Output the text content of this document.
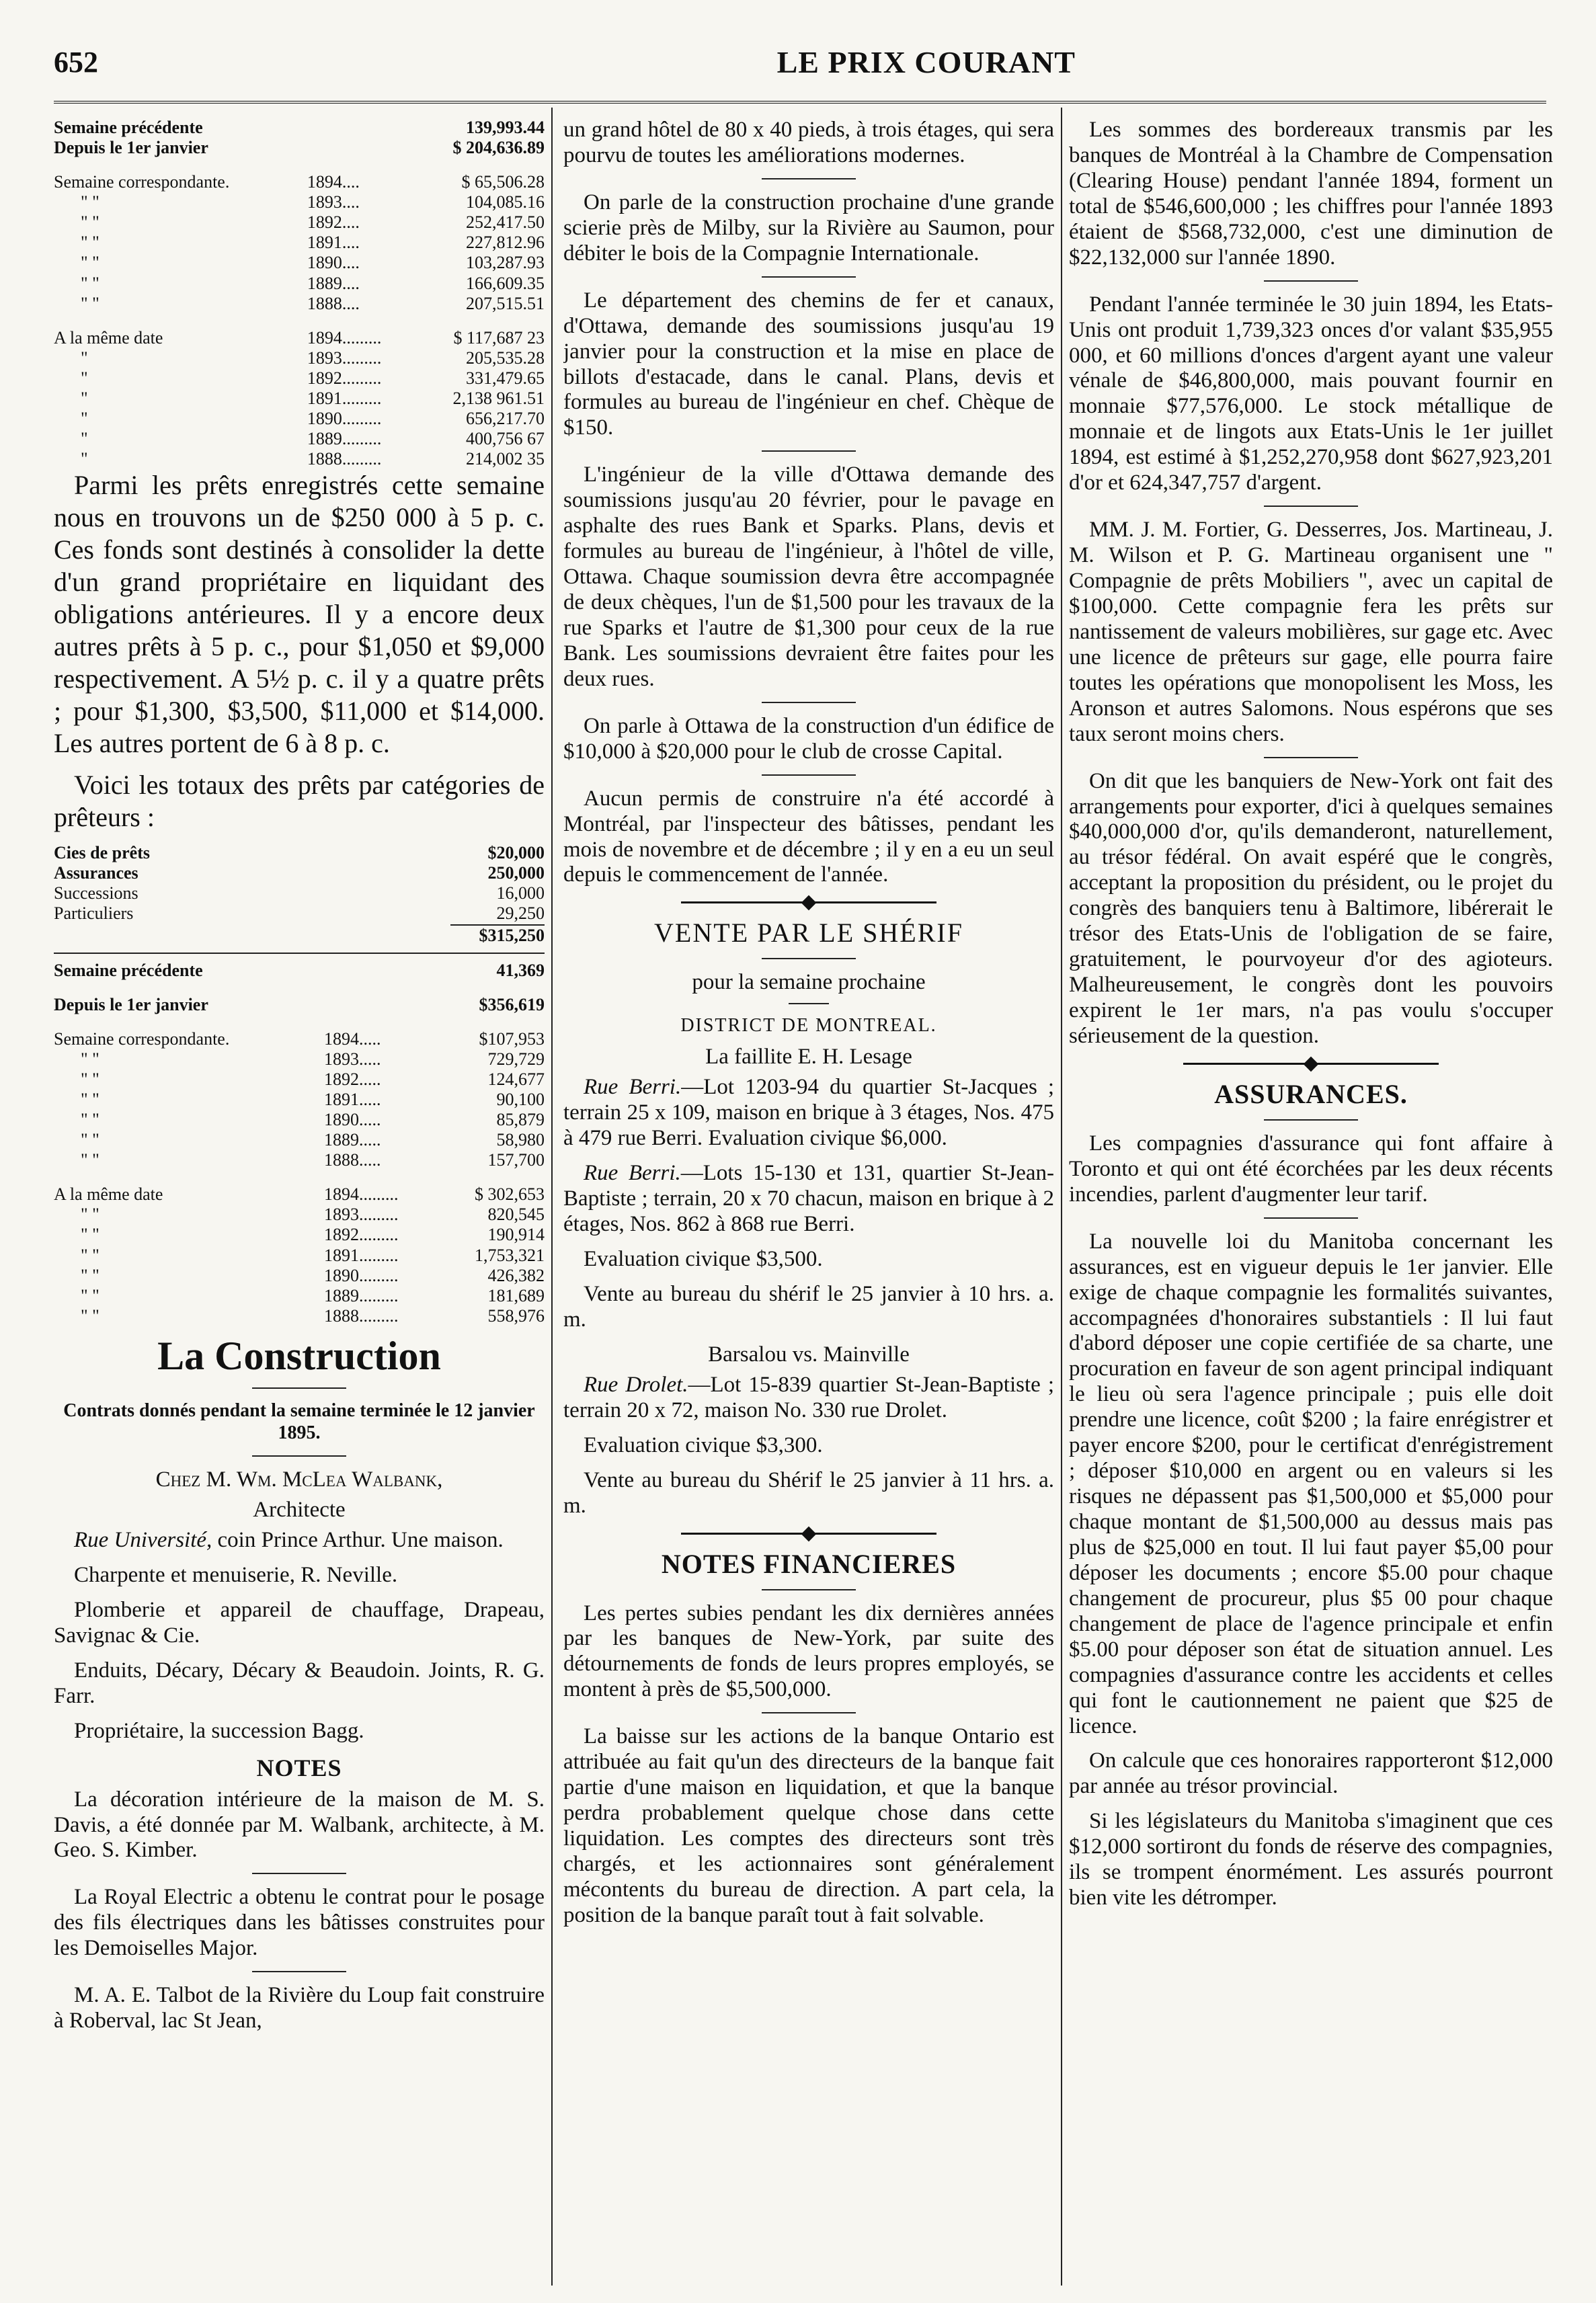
652	LE PRIX COURANT
Semaine précédente		139,993.44
Depuis le 1er janvier		$ 204,636.89
Semaine correspondante.	1894....	$ 65,506.28
" "	1893....	104,085.16
" "	1892....	252,417.50
" "	1891....	227,812.96
" "	1890....	103,287.93
" "	1889....	166,609.35
" "	1888....	207,515.51
A la même date	1894.........	$ 117,687 23
"	1893.........	205,535.28
"	1892.........	331,479.65
"	1891.........	2,138 961.51
"	1890.........	656,217.70
"	1889.........	400,756 67
"	1888.........	214,002 35

Parmi les prêts enregistrés cette semaine nous en trouvons un de $250 000 à 5 p. c. Ces fonds sont destinés à consolider la dette d'un grand propriétaire en liquidant des obligations antérieures. Il y a encore deux autres prêts à 5 p. c., pour $1,050 et $9,000 respectivement. A 5½ p. c. il y a quatre prêts ; pour $1,300, $3,500, $11,000 et $14,000. Les autres portent de 6 à 8 p. c.

Voici les totaux des prêts par catégories de prêteurs :

Cies de prêts	$20,000
Assurances	250,000
Successions	16,000
Particuliers	29,250
$315,250
Semaine précédente		41,369
Depuis le 1er janvier		$356,619
Semaine correspondante.	1894.....	$107,953
" "	1893.....	729,729
" "	1892.....	124,677
" "	1891.....	90,100
" "	1890.....	85,879
" "	1889.....	58,980
" "	1888.....	157,700
A la même date	1894.........	$ 302,653
" "	1893.........	820,545
" "	1892.........	190,914
" "	1891.........	1,753,321
" "	1890.........	426,382
" "	1889.........	181,689
" "	1888.........	558,976
La Construction
Contrats donnés pendant la semaine terminée le 12 janvier 1895.
Chez M. Wm. McLea Walbank,
Architecte

Rue Université, coin Prince Arthur. Une maison.

Charpente et menuiserie, R. Neville.

Plomberie et appareil de chauffage, Drapeau, Savignac & Cie.

Enduits, Décary, Décary & Beaudoin. Joints, R. G. Farr.

Propriétaire, la succession Bagg.

NOTES

La décoration intérieure de la maison de M. S. Davis, a été donnée par M. Walbank, architecte, à M. Geo. S. Kimber.

La Royal Electric a obtenu le contrat pour le posage des fils électriques dans les bâtisses construites pour les Demoiselles Major.

M. A. E. Talbot de la Rivière du Loup fait construire à Roberval, lac St Jean,

un grand hôtel de 80 x 40 pieds, à trois étages, qui sera pourvu de toutes les améliorations modernes.

On parle de la construction prochaine d'une grande scierie près de Milby, sur la Rivière au Saumon, pour débiter le bois de la Compagnie Internationale.

Le département des chemins de fer et canaux, d'Ottawa, demande des soumissions jusqu'au 19 janvier pour la construction et la mise en place de billots d'estacade, dans le canal. Plans, devis et formules au bureau de l'ingénieur en chef. Chèque de $150.

L'ingénieur de la ville d'Ottawa demande des soumissions jusqu'au 20 février, pour le pavage en asphalte des rues Bank et Sparks. Plans, devis et formules au bureau de l'ingénieur, à l'hôtel de ville, Ottawa. Chaque soumission devra être accompagnée de deux chèques, l'un de $1,500 pour les travaux de la rue Sparks et l'autre de $1,300 pour ceux de la rue Bank. Les soumissions devraient être faites pour les deux rues.

On parle à Ottawa de la construction d'un édifice de $10,000 à $20,000 pour le club de crosse Capital.

Aucun permis de construire n'a été accordé à Montréal, par l'inspecteur des bâtisses, pendant les mois de novembre et de décembre ; il y en a eu un seul depuis le commencement de l'année.

VENTE PAR LE SHÉRIF
pour la semaine prochaine
DISTRICT DE MONTREAL.
La faillite E. H. Lesage

Rue Berri.—Lot 1203-94 du quartier St-Jacques ; terrain 25 x 109, maison en brique à 3 étages, Nos. 475 à 479 rue Berri. Evaluation civique $6,000.

Rue Berri.—Lots 15-130 et 131, quartier St-Jean-Baptiste ; terrain, 20 x 70 chacun, maison en brique à 2 étages, Nos. 862 à 868 rue Berri.

Evaluation civique $3,500.

Vente au bureau du shérif le 25 janvier à 10 hrs. a. m.

Barsalou vs. Mainville

Rue Drolet.—Lot 15-839 quartier St-Jean-Baptiste ; terrain 20 x 72, maison No. 330 rue Drolet.

Evaluation civique $3,300.

Vente au bureau du Shérif le 25 janvier à 11 hrs. a. m.

NOTES FINANCIERES

Les pertes subies pendant les dix dernières années par les banques de New-York, par suite des détournements de fonds de leurs propres employés, se montent à près de $5,500,000.

La baisse sur les actions de la banque Ontario est attribuée au fait qu'un des directeurs de la banque fait partie d'une maison en liquidation, et que la banque perdra probablement quelque chose dans cette liquidation. Les comptes des directeurs sont très chargés, et les actionnaires sont généralement mécontents du bureau de direction. A part cela, la position de la banque paraît tout à fait solvable.

Les sommes des bordereaux transmis par les banques de Montréal à la Chambre de Compensation (Clearing House) pendant l'année 1894, forment un total de $546,600,000 ; les chiffres pour l'année 1893 étaient de $568,732,000, c'est une diminution de $22,132,000 sur l'année 1890.

Pendant l'année terminée le 30 juin 1894, les Etats-Unis ont produit 1,739,323 onces d'or valant $35,955 000, et 60 millions d'onces d'argent ayant une valeur vénale de $46,800,000, mais pouvant fournir en monnaie $77,576,000. Le stock métallique de monnaie et de lingots aux Etats-Unis le 1er juillet 1894, est estimé à $1,252,270,958 dont $627,923,201 d'or et 624,347,757 d'argent.

MM. J. M. Fortier, G. Desserres, Jos. Martineau, J. M. Wilson et P. G. Martineau organisent une " Compagnie de prêts Mobiliers ", avec un capital de $100,000. Cette compagnie fera les prêts sur nantissement de valeurs mobilières, sur gage etc. Avec une licence de prêteurs sur gage, elle pourra faire toutes les opérations que monopolisent les Moss, les Aronson et autres Salomons. Nous espérons que ses taux seront moins chers.

On dit que les banquiers de New-York ont fait des arrangements pour exporter, d'ici à quelques semaines $40,000,000 d'or, qu'ils demanderont, naturellement, au trésor fédéral. On avait espéré que le congrès, acceptant la proposition du président, ou le projet du congrès des banquiers tenu à Baltimore, libérerait le trésor des Etats-Unis de l'obligation de se faire, gratuitement, le pourvoyeur d'or des agioteurs. Malheureusement, le congrès dont les pouvoirs expirent le 1er mars, n'a pas voulu s'occuper sérieusement de la question.

ASSURANCES.

Les compagnies d'assurance qui font affaire à Toronto et qui ont été écorchées par les deux récents incendies, parlent d'augmenter leur tarif.

La nouvelle loi du Manitoba concernant les assurances, est en vigueur depuis le 1er janvier. Elle exige de chaque compagnie les formalités suivantes, accompagnées d'honoraires substantiels : Il lui faut d'abord déposer une copie certifiée de sa charte, une procuration en faveur de son agent principal indiquant le lieu où sera l'agence principale ; puis elle doit prendre une licence, coût $200 ; la faire enrégistrer et payer encore $200, pour le certificat d'enrégistrement ; déposer $10,000 en argent ou en valeurs si les risques ne dépassent pas $1,500,000 et $5,000 pour chaque montant de $1,500,000 au dessus mais pas plus de $25,000 en tout. Il lui faut payer $5,00 pour déposer les documents ; encore $5.00 pour chaque changement de procureur, plus $5 00 pour chaque changement de place de l'agence principale et enfin $5.00 pour déposer son état de situation annuel. Les compagnies d'assurance contre les accidents et celles qui font le cautionnement ne paient que $25 de licence.

On calcule que ces honoraires rapporteront $12,000 par année au trésor provincial.

Si les législateurs du Manitoba s'imaginent que ces $12,000 sortiront du fonds de réserve des compagnies, ils se trompent énormément. Les assurés pourront bien vite les détromper.
